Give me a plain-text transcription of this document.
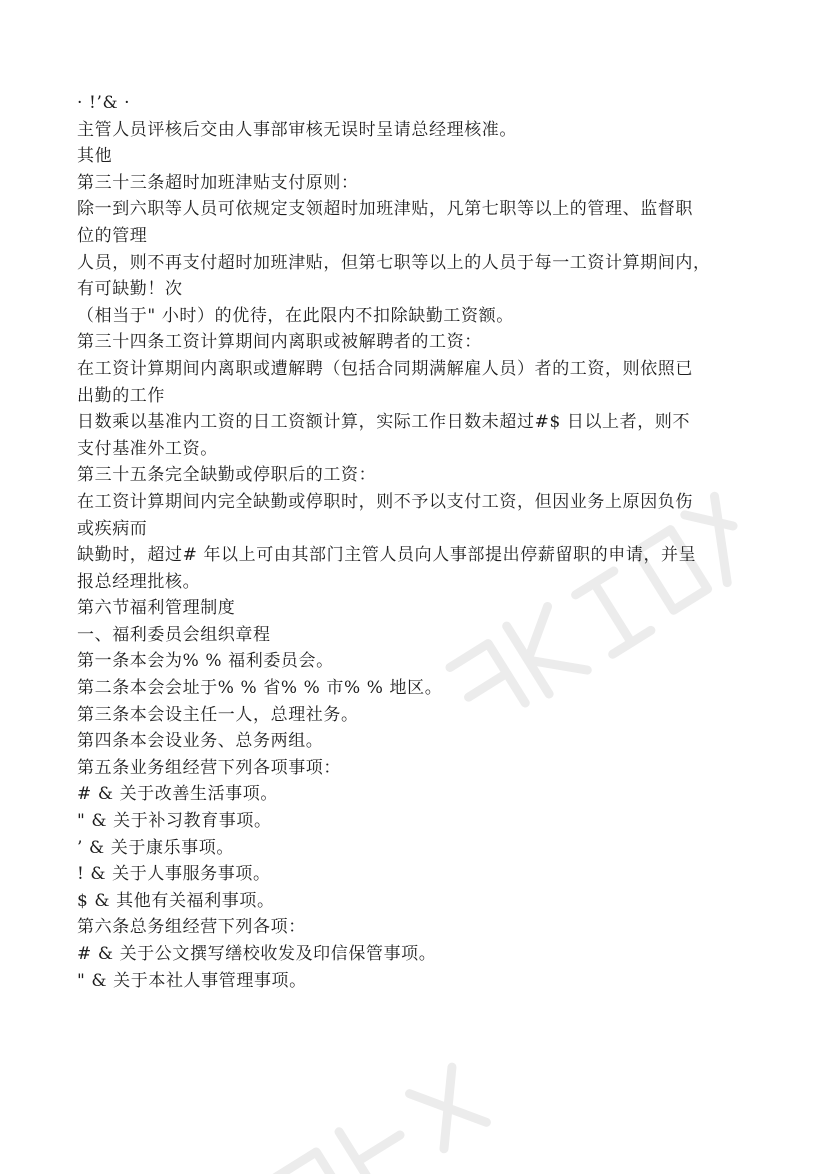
· !’& ·
主管人员评核后交由人事部审核无误时呈请总经理核准。
其他
第三十三条超时加班津贴支付原则：
除一到六职等人员可依规定支领超时加班津贴，凡第七职等以上的管理、监督职
位的管理
人员，则不再支付超时加班津贴，但第七职等以上的人员于每一工资计算期间内，
有可缺勤！次
（相当于" 小时）的优待，在此限内不扣除缺勤工资额。
第三十四条工资计算期间内离职或被解聘者的工资：
在工资计算期间内离职或遭解聘（包括合同期满解雇人员）者的工资，则依照已
出勤的工作
日数乘以基准内工资的日工资额计算，实际工作日数未超过#$ 日以上者，则不
支付基准外工资。
第三十五条完全缺勤或停职后的工资：
在工资计算期间内完全缺勤或停职时，则不予以支付工资，但因业务上原因负伤
或疾病而
缺勤时，超过# 年以上可由其部门主管人员向人事部提出停薪留职的申请，并呈
报总经理批核。
第六节福利管理制度
一、福利委员会组织章程
第一条本会为% % 福利委员会。
第二条本会会址于% % 省% % 市% % 地区。
第三条本会设主任一人，总理社务。
第四条本会设业务、总务两组。
第五条业务组经营下列各项事项：
# & 关于改善生活事项。
" & 关于补习教育事项。
’ & 关于康乐事项。
! & 关于人事服务事项。
$ & 其他有关福利事项。
第六条总务组经营下列各项：
# & 关于公文撰写缮校收发及印信保管事项。
" & 关于本社人事管理事项。
